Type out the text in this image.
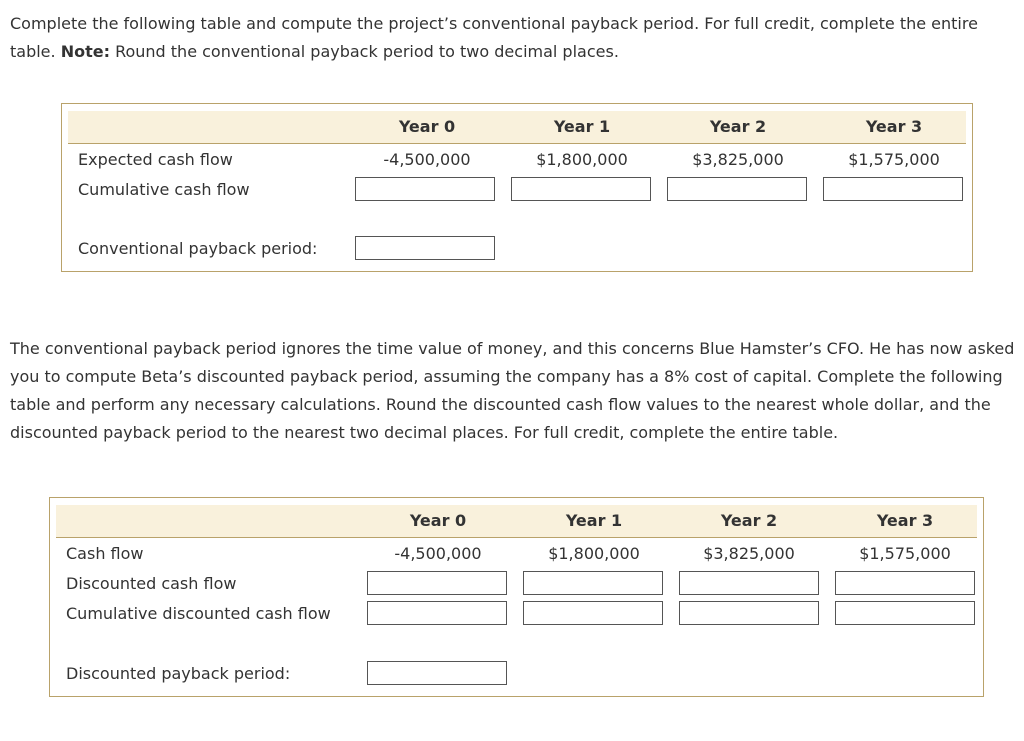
Complete the following table and compute the project’s conventional payback period. For full credit, complete the entire table. Note: Round the conventional payback period to two decimal places.

Year 0	Year 1	Year 2	Year 3
Expected cash flow	-4,500,000	$1,800,000	$3,825,000	$1,575,000
Cumulative cash flow
Conventional payback period:

The conventional payback period ignores the time value of money, and this concerns Blue Hamster’s CFO. He has now asked you to compute Beta’s discounted payback period, assuming the company has a 8% cost of capital. Complete the following table and perform any necessary calculations. Round the discounted cash flow values to the nearest whole dollar, and the discounted payback period to the nearest two decimal places. For full credit, complete the entire table.

Year 0	Year 1	Year 2	Year 3
Cash flow	-4,500,000	$1,800,000	$3,825,000	$1,575,000
Discounted cash flow
Cumulative discounted cash flow
Discounted payback period:
